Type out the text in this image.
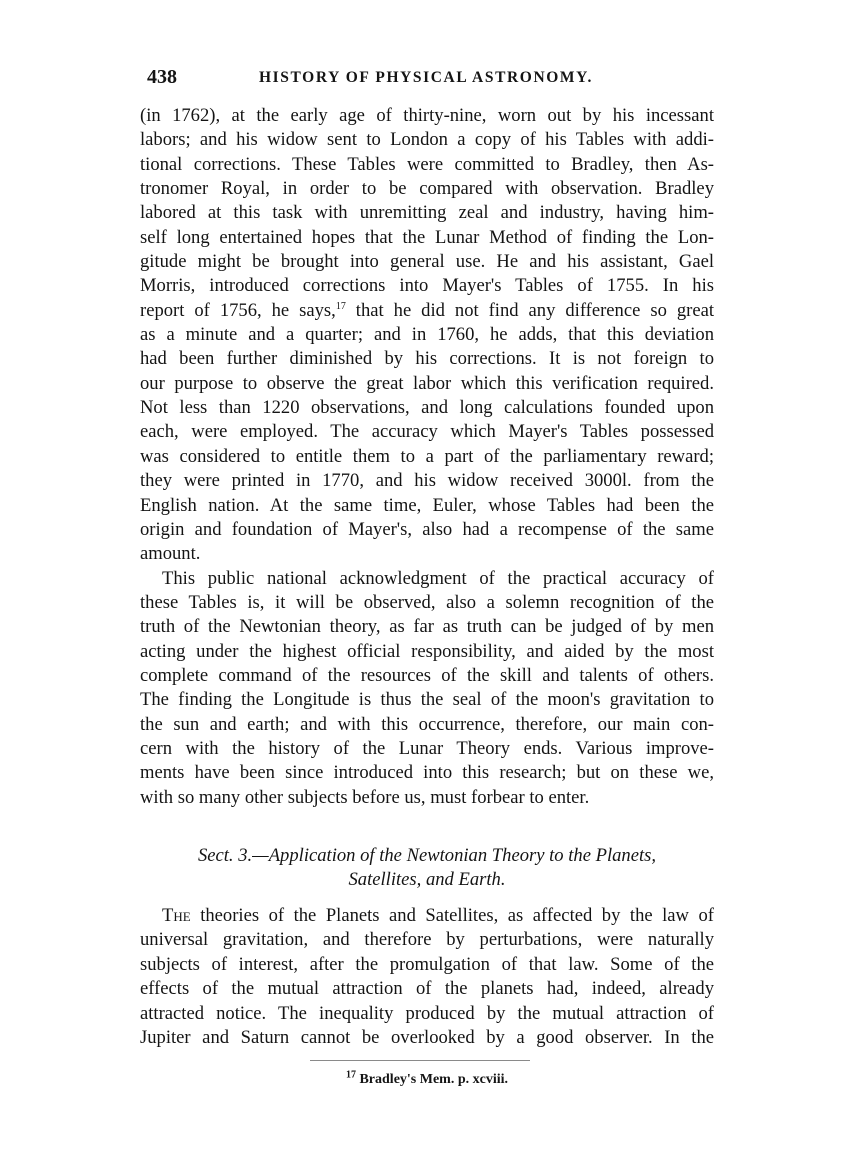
438	HISTORY OF PHYSICAL ASTRONOMY.
(in 1762), at the early age of thirty-nine, worn out by his incessant
labors; and his widow sent to London a copy of his Tables with addi-
tional corrections. These Tables were committed to Bradley, then As-
tronomer Royal, in order to be compared with observation. Bradley
labored at this task with unremitting zeal and industry, having him-
self long entertained hopes that the Lunar Method of finding the Lon-
gitude might be brought into general use. He and his assistant, Gael
Morris, introduced corrections into Mayer's Tables of 1755. In his
report of 1756, he says,$^{17}$ that he did not find any difference so great
as a minute and a quarter; and in 1760, he adds, that this deviation
had been further diminished by his corrections. It is not foreign to
our purpose to observe the great labor which this verification required.
Not less than 1220 observations, and long calculations founded upon
each, were employed. The accuracy which Mayer's Tables possessed
was considered to entitle them to a part of the parliamentary reward;
they were printed in 1770, and his widow received 3000l. from the
English nation. At the same time, Euler, whose Tables had been the
origin and foundation of Mayer's, also had a recompense of the same
amount.
This public national acknowledgment of the practical accuracy of
these Tables is, it will be observed, also a solemn recognition of the
truth of the Newtonian theory, as far as truth can be judged of by men
acting under the highest official responsibility, and aided by the most
complete command of the resources of the skill and talents of others.
The finding the Longitude is thus the seal of the moon's gravitation to
the sun and earth; and with this occurrence, therefore, our main con-
cern with the history of the Lunar Theory ends. Various improve-
ments have been since introduced into this research; but on these we,
with so many other subjects before us, must forbear to enter.
Sect. 3.—Application of the Newtonian Theory to the Planets,
Satellites, and Earth.
The theories of the Planets and Satellites, as affected by the law of
universal gravitation, and therefore by perturbations, were naturally
subjects of interest, after the promulgation of that law. Some of the
effects of the mutual attraction of the planets had, indeed, already
attracted notice. The inequality produced by the mutual attraction of
Jupiter and Saturn cannot be overlooked by a good observer. In the
$^{17}$ Bradley's Mem. p. xcviii.
